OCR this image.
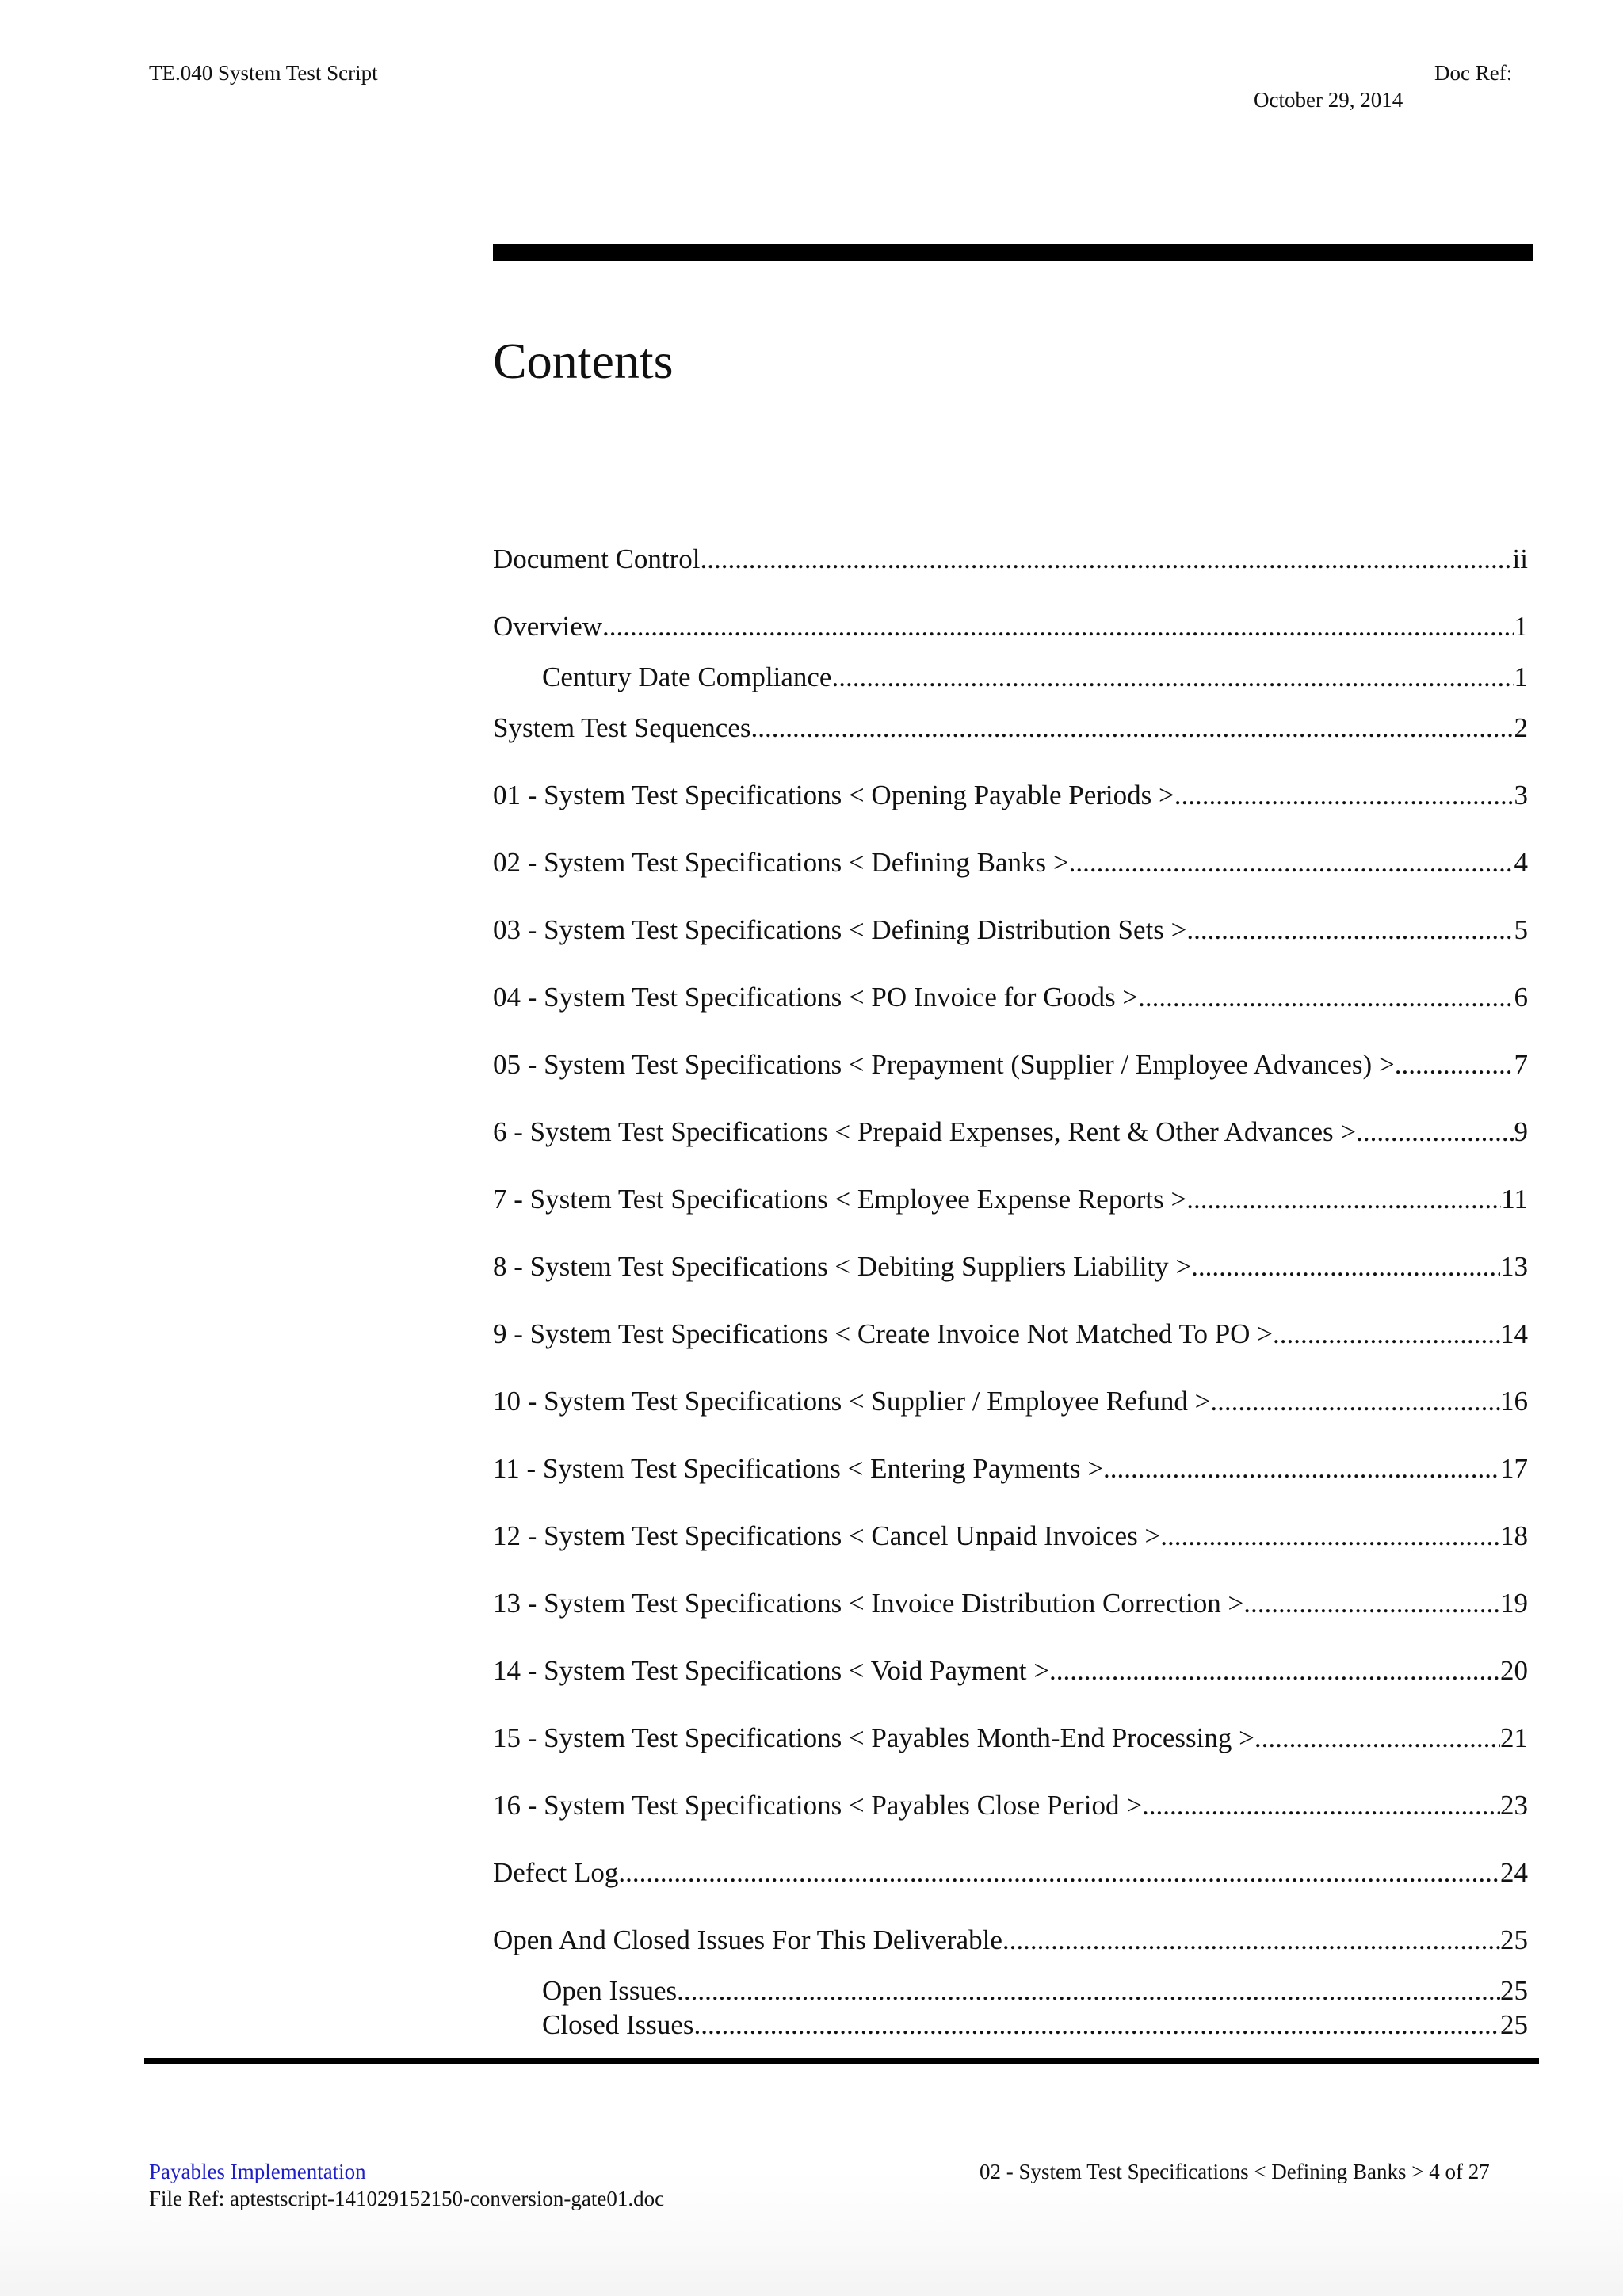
TE.040 System Test Script	Doc Ref:
October 29, 2014
Contents
Document Control .....	ii
Overview .....	1
Century Date Compliance .....	1
System Test Sequences .....	2
01 - System Test Specifications < Opening Payable Periods > .....	3
02 - System Test Specifications < Defining Banks > .....	4
03 - System Test Specifications < Defining Distribution Sets > .....	5
04 - System Test Specifications < PO Invoice for Goods > .....	6
05 - System Test Specifications < Prepayment (Supplier / Employee Advances) > .....	7
6 - System Test Specifications < Prepaid Expenses, Rent & Other Advances > .....	9
7 - System Test Specifications < Employee Expense Reports > .....	11
8 - System Test Specifications < Debiting Suppliers Liability > .....	13
9 - System Test Specifications < Create Invoice Not Matched To PO > .....	14
10 - System Test Specifications < Supplier / Employee Refund > .....	16
11 - System Test Specifications < Entering Payments > .....	17
12 - System Test Specifications < Cancel Unpaid Invoices > .....	18
13 - System Test Specifications < Invoice Distribution Correction > .....	19
14 - System Test Specifications < Void Payment > .....	20
15 - System Test Specifications < Payables Month-End Processing > .....	21
16 - System Test Specifications < Payables Close Period > .....	23
Defect Log .....	24
Open And Closed Issues For This Deliverable .....	25
Open Issues .....	25
Closed Issues .....	25
Payables Implementation
File Ref: aptestscript-141029152150-conversion-gate01.doc
02 - System Test Specifications < Defining Banks > 4 of 27
